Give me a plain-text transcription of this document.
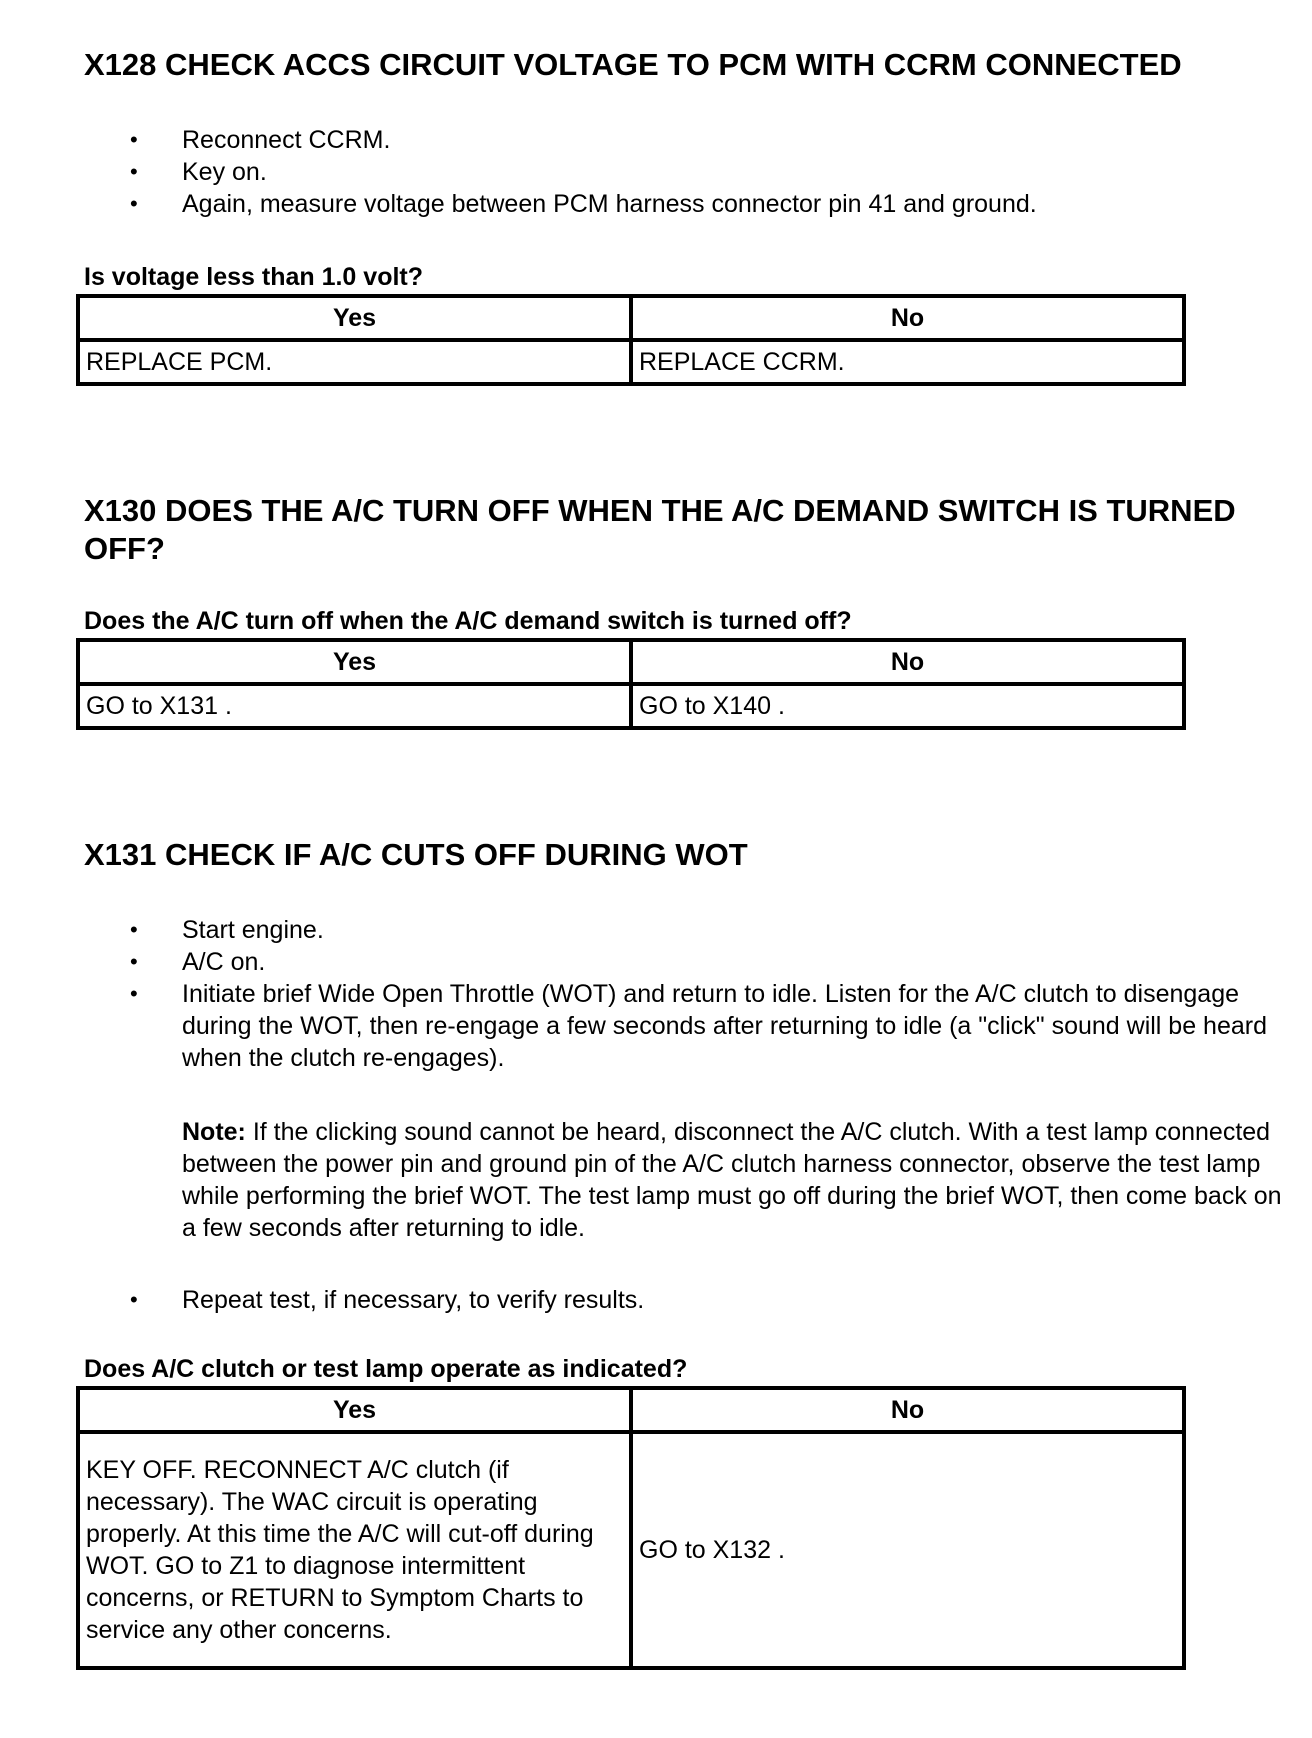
X128 CHECK ACCS CIRCUIT VOLTAGE TO PCM WITH CCRM CONNECTED
• Reconnect CCRM.
• Key on.
• Again, measure voltage between PCM harness connector pin 41 and ground.
Is voltage less than 1.0 volt?
Yes	No
REPLACE PCM.	REPLACE CCRM.
X130 DOES THE A/C TURN OFF WHEN THE A/C DEMAND SWITCH IS TURNED OFF?
Does the A/C turn off when the A/C demand switch is turned off?
Yes	No
GO to X131 .	GO to X140 .
X131 CHECK IF A/C CUTS OFF DURING WOT
• Start engine.
• A/C on.
• Initiate brief Wide Open Throttle (WOT) and return to idle. Listen for the A/C clutch to disengage during the WOT, then re-engage a few seconds after returning to idle (a "click" sound will be heard when the clutch re-engages).
Note: If the clicking sound cannot be heard, disconnect the A/C clutch. With a test lamp connected between the power pin and ground pin of the A/C clutch harness connector, observe the test lamp while performing the brief WOT. The test lamp must go off during the brief WOT, then come back on a few seconds after returning to idle.
• Repeat test, if necessary, to verify results.
Does A/C clutch or test lamp operate as indicated?
Yes	No
KEY OFF. RECONNECT A/C clutch (if necessary). The WAC circuit is operating properly. At this time the A/C will cut-off during WOT. GO to Z1 to diagnose intermittent concerns, or RETURN to Symptom Charts to service any other concerns.	GO to X132 .
